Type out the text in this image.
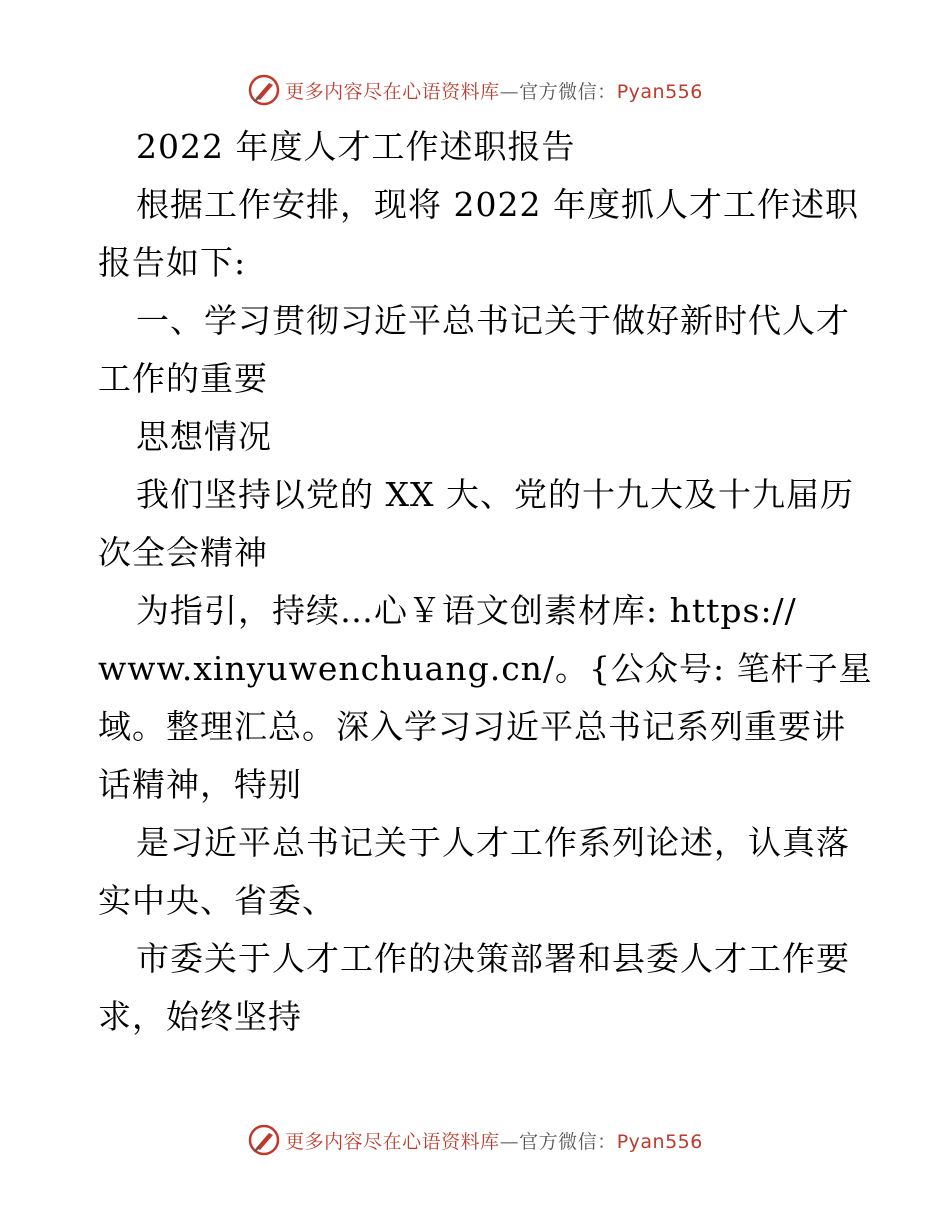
更多内容尽在心语资料库—官方微信：Pyan556
2022 年度人才工作述职报告
根据工作安排，现将 2022 年度抓人才工作述职
报告如下:
一、学习贯彻习近平总书记关于做好新时代人才
工作的重要
思想情况
我们坚持以党的 XX 大、党的十九大及十九届历
次全会精神
为指引，持续…心￥语文创素材库: https://
www.xinyuwenchuang.cn/。{公众号: 笔杆子星
域。整理汇总。深入学习习近平总书记系列重要讲
话精神，特别
是习近平总书记关于人才工作系列论述，认真落
实中央、省委、
市委关于人才工作的决策部署和县委人才工作要
求，始终坚持
更多内容尽在心语资料库—官方微信：Pyan556
